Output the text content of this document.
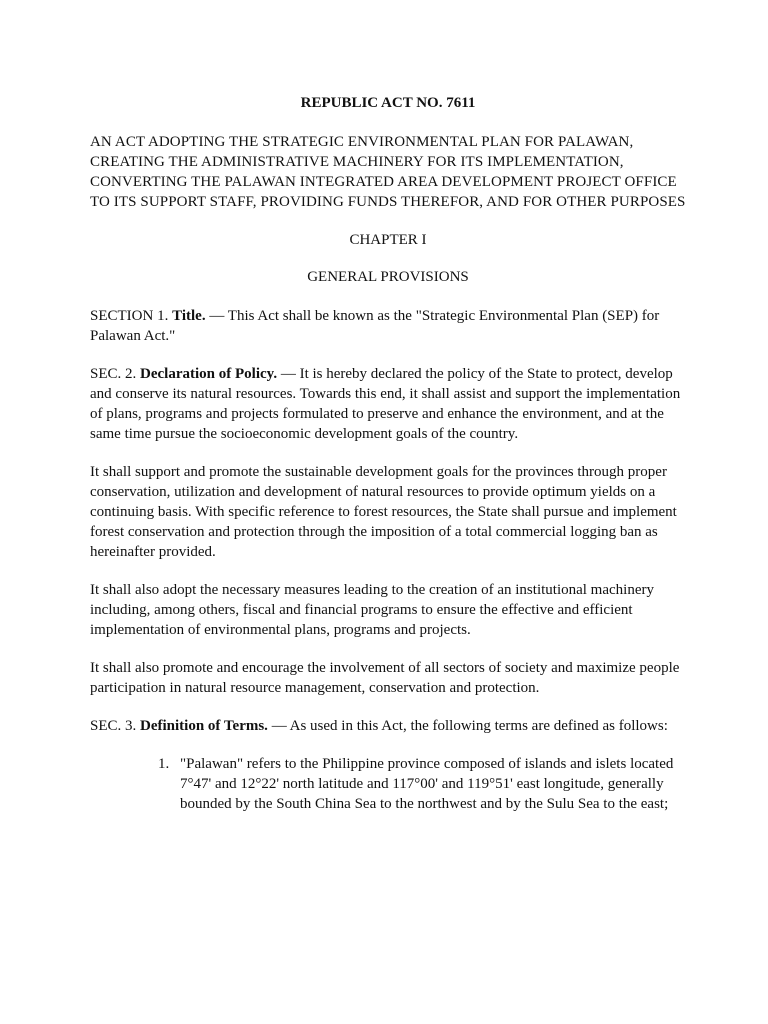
REPUBLIC ACT NO. 7611
AN ACT ADOPTING THE STRATEGIC ENVIRONMENTAL PLAN FOR PALAWAN, CREATING THE ADMINISTRATIVE MACHINERY FOR ITS IMPLEMENTATION, CONVERTING THE PALAWAN INTEGRATED AREA DEVELOPMENT PROJECT OFFICE TO ITS SUPPORT STAFF, PROVIDING FUNDS THEREFOR, AND FOR OTHER PURPOSES
CHAPTER I
GENERAL PROVISIONS

SECTION 1. Title. — This Act shall be known as the "Strategic Environmental Plan (SEP) for Palawan Act."

SEC. 2. Declaration of Policy. — It is hereby declared the policy of the State to protect, develop and conserve its natural resources. Towards this end, it shall assist and support the implementation of plans, programs and projects formulated to preserve and enhance the environment, and at the same time pursue the socioeconomic development goals of the country.

It shall support and promote the sustainable development goals for the provinces through proper conservation, utilization and development of natural resources to provide optimum yields on a continuing basis. With specific reference to forest resources, the State shall pursue and implement forest conservation and protection through the imposition of a total commercial logging ban as hereinafter provided.

It shall also adopt the necessary measures leading to the creation of an institutional machinery including, among others, fiscal and financial programs to ensure the effective and efficient implementation of environmental plans, programs and projects.

It shall also promote and encourage the involvement of all sectors of society and maximize people participation in natural resource management, conservation and protection.

SEC. 3. Definition of Terms. — As used in this Act, the following terms are defined as follows:

1. "Palawan" refers to the Philippine province composed of islands and islets located 7°47' and 12°22' north latitude and 117°00' and 119°51' east longitude, generally bounded by the South China Sea to the northwest and by the Sulu Sea to the east;
